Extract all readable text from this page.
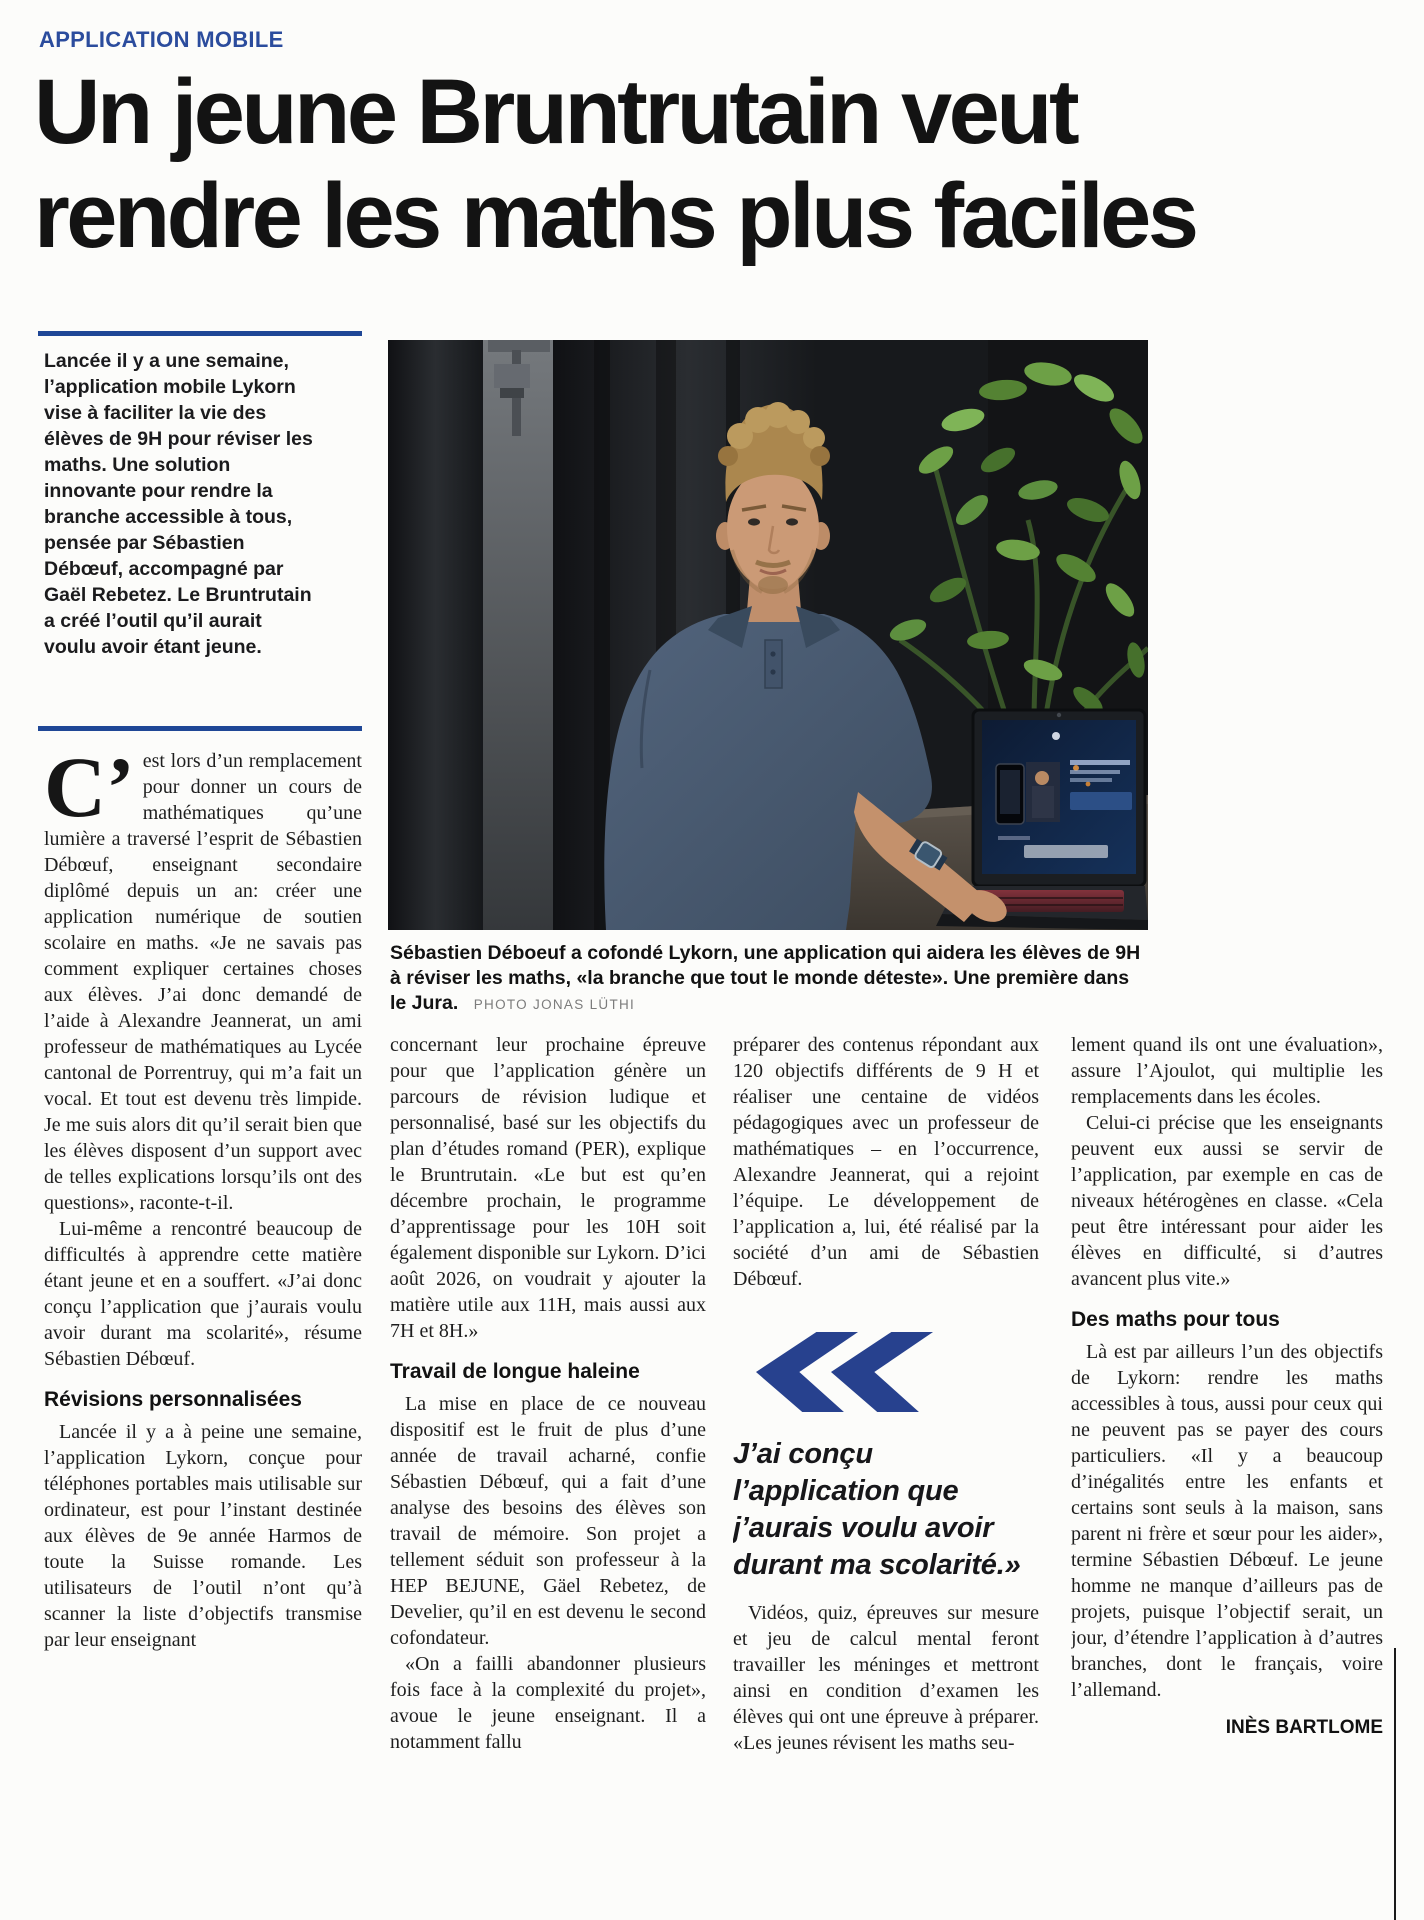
APPLICATION MOBILE
Un jeune Bruntrutain veut
rendre les maths plus faciles
Lancée il y a une semaine, l’application mobile Lykorn vise à faciliter la vie des élèves de 9H pour réviser les maths. Une solution innovante pour rendre la branche accessible à tous, pensée par Sébastien Débœuf, accompagné par Gaël Rebetez. Le Bruntrutain a créé l’outil qu’il aurait voulu avoir étant jeune.
Sébastien Déboeuf a cofondé Lykorn, une application qui aidera les élèves de 9H à réviser les maths, «la branche que tout le monde déteste». Une première dans le Jura. PHOTO JONAS LÜTHI

C’ est lors d’un remplacement pour donner un cours de mathématiques qu’une lumière a traversé l’esprit de Sébastien Débœuf, enseignant secondaire diplômé depuis un an: créer une application numérique de soutien scolaire en maths. «Je ne savais pas comment expliquer certaines choses aux élèves. J’ai donc demandé de l’aide à Alexandre Jeannerat, un ami professeur de mathématiques au Lycée cantonal de Porrentruy, qui m’a fait un vocal. Et tout est devenu très limpide. Je me suis alors dit qu’il serait bien que les élèves disposent d’un support avec de telles explications lorsqu’ils ont des questions», raconte-t-il.

Lui-même a rencontré beaucoup de difficultés à apprendre cette matière étant jeune et en a souffert. «J’ai donc conçu l’application que j’aurais voulu avoir durant ma scolarité», résume Sébastien Débœuf.

Révisions personnalisées

Lancée il y a à peine une semaine, l’application Lykorn, conçue pour téléphones portables mais utilisable sur ordinateur, est pour l’instant destinée aux élèves de 9e année Harmos de toute la Suisse romande. Les utilisateurs de l’outil n’ont qu’à scanner la liste d’objectifs transmise par leur enseignant

concernant leur prochaine épreuve pour que l’application génère un parcours de révision ludique et personnalisé, basé sur les objectifs du plan d’études romand (PER), explique le Bruntrutain. «Le but est qu’en décembre prochain, le programme d’apprentissage pour les 10H soit également disponible sur Lykorn. D’ici août 2026, on voudrait y ajouter la matière utile aux 11H, mais aussi aux 7H et 8H.»

Travail de longue haleine

La mise en place de ce nouveau dispositif est le fruit de plus d’une année de travail acharné, confie Sébastien Débœuf, qui a fait d’une analyse des besoins des élèves son travail de mémoire. Son projet a tellement séduit son professeur à la HEP BEJUNE, Gäel Rebetez, de Develier, qu’il en est devenu le second cofondateur.

«On a failli abandonner plusieurs fois face à la complexité du projet», avoue le jeune enseignant. Il a notamment fallu

préparer des contenus répondant aux 120 objectifs différents de 9 H et réaliser une centaine de vidéos pédagogiques avec un professeur de mathématiques – en l’occurrence, Alexandre Jeannerat, qui a rejoint l’équipe. Le développement de l’application a, lui, été réalisé par la société d’un ami de Sébastien Débœuf.

J’ai conçu l’application que j’aurais voulu avoir durant ma scolarité.»

Vidéos, quiz, épreuves sur mesure et jeu de calcul mental feront travailler les méninges et mettront ainsi en condition d’examen les élèves qui ont une épreuve à préparer. «Les jeunes révisent les maths seu-

lement quand ils ont une évaluation», assure l’Ajoulot, qui multiplie les remplacements dans les écoles.

Celui-ci précise que les enseignants peuvent eux aussi se servir de l’application, par exemple en cas de niveaux hétérogènes en classe. «Cela peut être intéressant pour aider les élèves en difficulté, si d’autres avancent plus vite.»

Des maths pour tous

Là est par ailleurs l’un des objectifs de Lykorn: rendre les maths accessibles à tous, aussi pour ceux qui ne peuvent pas se payer des cours particuliers. «Il y a beaucoup d’inégalités entre les enfants et certains sont seuls à la maison, sans parent ni frère et sœur pour les aider», termine Sébastien Débœuf. Le jeune homme ne manque d’ailleurs pas de projets, puisque l’objectif serait, un jour, d’étendre l’application à d’autres branches, dont le français, voire l’allemand.

INÈS BARTLOME
